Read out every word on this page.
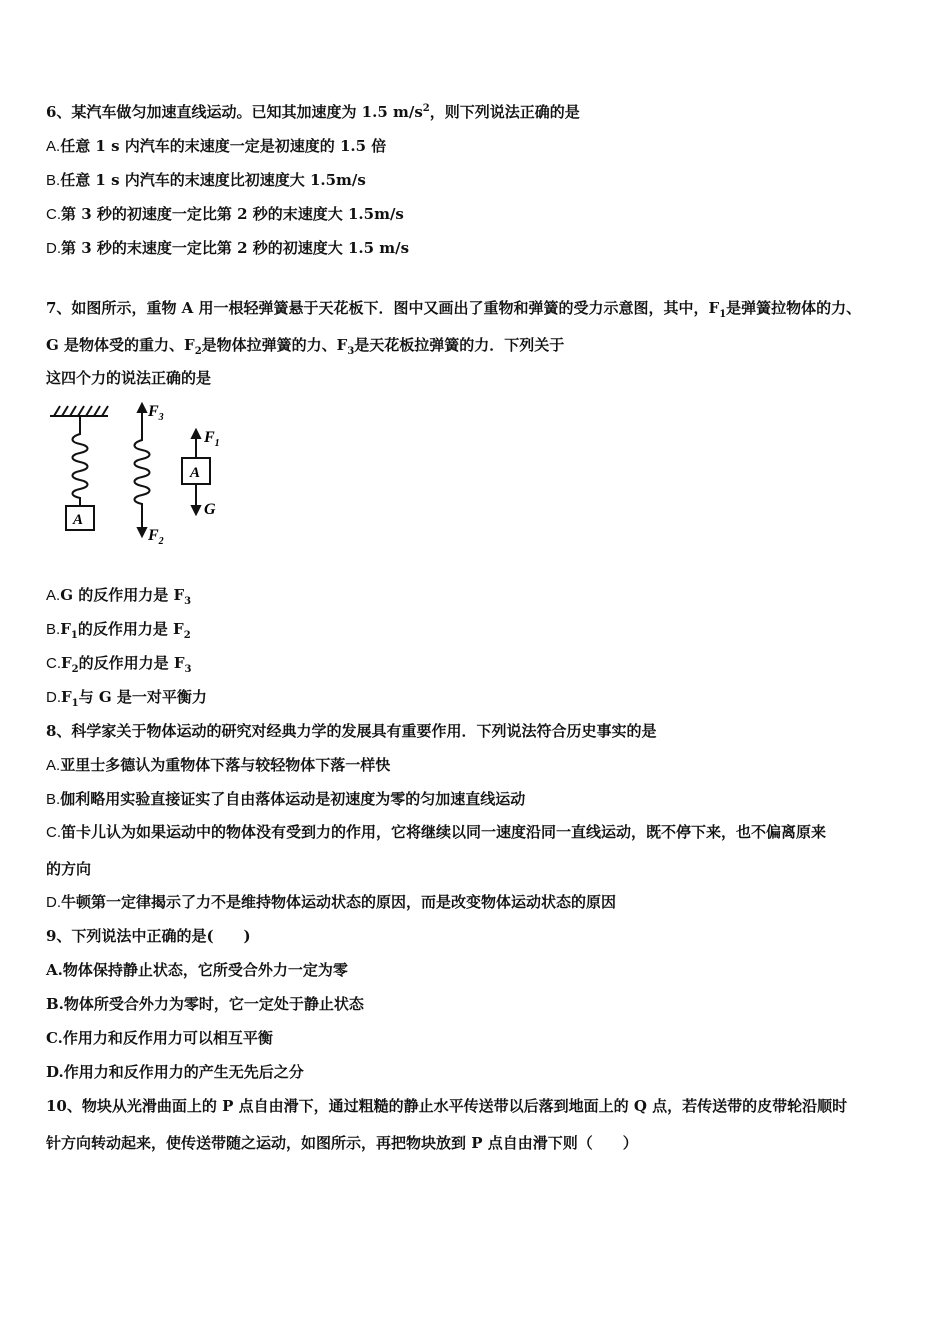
6、某汽车做匀加速直线运动。已知其加速度为 1.5 $m/s^2$，则下列说法正确的是
A.任意 1 s 内汽车的末速度一定是初速度的 1.5 倍
B.任意 1 s 内汽车的末速度比初速度大 1.5m/s
C.第 3 秒的初速度一定比第 2 秒的末速度大 1.5m/s
D.第 3 秒的末速度一定比第 2 秒的初速度大 1.5 m/s
7、如图所示，重物 A 用一根轻弹簧悬于天花板下．图中又画出了重物和弹簧的受力示意图，其中，$F_1$是弹簧拉物体的力、
G 是物体受的重力、$F_2$是物体拉弹簧的力、$F_3$是天花板拉弹簧的力．下列关于
这四个力的说法正确的是
A
$F_3$
$F_2$
$F_1$
A
G
A.G 的反作用力是 $F_3$
$B.F_1$的反作用力是 $F_2$
$C.F_2$的反作用力是 $F_3$
$D.F_1$与 G 是一对平衡力
8、科学家关于物体运动的研究对经典力学的发展具有重要作用．下列说法符合历史事实的是
A.亚里士多德认为重物体下落与较轻物体下落一样快
B.伽利略用实验直接证实了自由落体运动是初速度为零的匀加速直线运动
C.笛卡儿认为如果运动中的物体没有受到力的作用，它将继续以同一速度沿同一直线运动，既不停下来，也不偏离原来
的方向
D.牛顿第一定律揭示了力不是维持物体运动状态的原因，而是改变物体运动状态的原因
9、下列说法中正确的是(　　)
A.物体保持静止状态，它所受合外力一定为零
B.物体所受合外力为零时，它一定处于静止状态
C.作用力和反作用力可以相互平衡
D.作用力和反作用力的产生无先后之分
10、物块从光滑曲面上的 P 点自由滑下，通过粗糙的静止水平传送带以后落到地面上的 Q 点，若传送带的皮带轮沿顺时
针方向转动起来，使传送带随之运动，如图所示，再把物块放到 P 点自由滑下则（　　）
